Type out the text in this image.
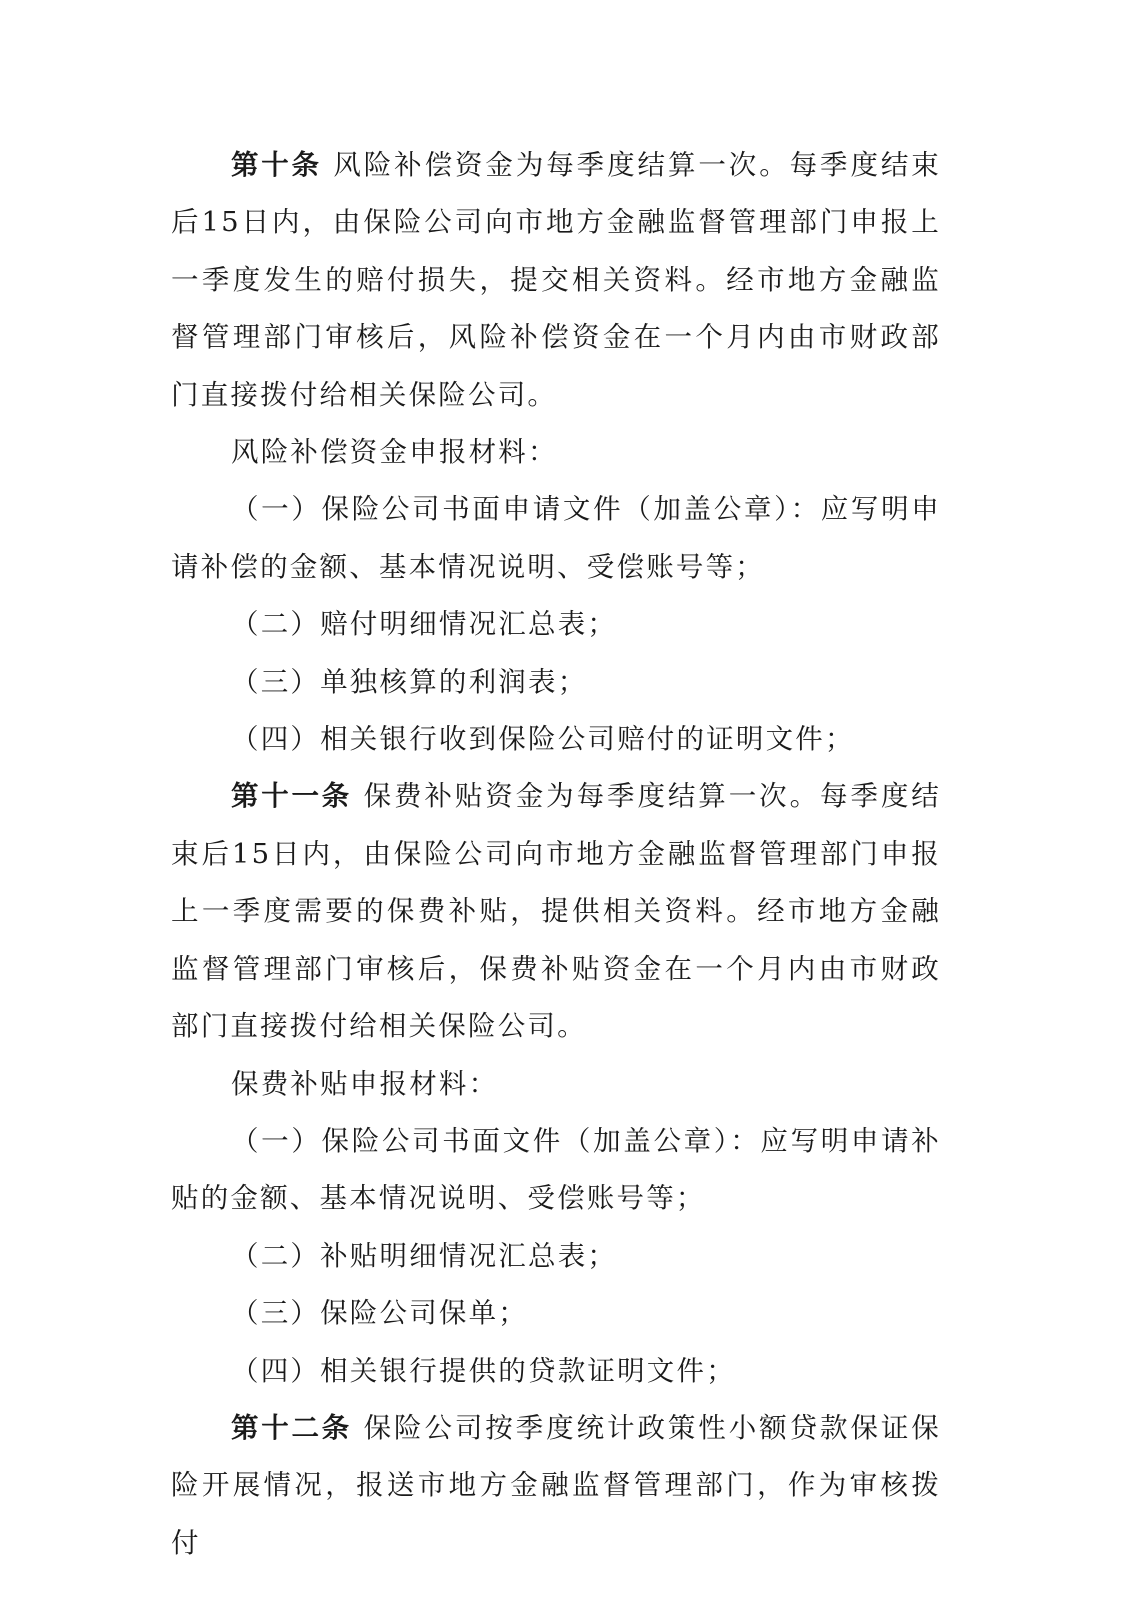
第十条 风险补偿资金为每季度结算一次。每季度结束后15日内，由保险公司向市地方金融监督管理部门申报上一季度发生的赔付损失，提交相关资料。经市地方金融监督管理部门审核后，风险补偿资金在一个月内由市财政部门直接拨付给相关保险公司。

风险补偿资金申报材料：

（一）保险公司书面申请文件（加盖公章）：应写明申请补偿的金额、基本情况说明、受偿账号等；

（二）赔付明细情况汇总表；

（三）单独核算的利润表；

（四）相关银行收到保险公司赔付的证明文件；

第十一条 保费补贴资金为每季度结算一次。每季度结束后15日内，由保险公司向市地方金融监督管理部门申报上一季度需要的保费补贴，提供相关资料。经市地方金融监督管理部门审核后，保费补贴资金在一个月内由市财政部门直接拨付给相关保险公司。

保费补贴申报材料：

（一）保险公司书面文件（加盖公章）：应写明申请补贴的金额、基本情况说明、受偿账号等；

（二）补贴明细情况汇总表；

（三）保险公司保单；

（四）相关银行提供的贷款证明文件；

第十二条 保险公司按季度统计政策性小额贷款保证保险开展情况，报送市地方金融监督管理部门，作为审核拨付
